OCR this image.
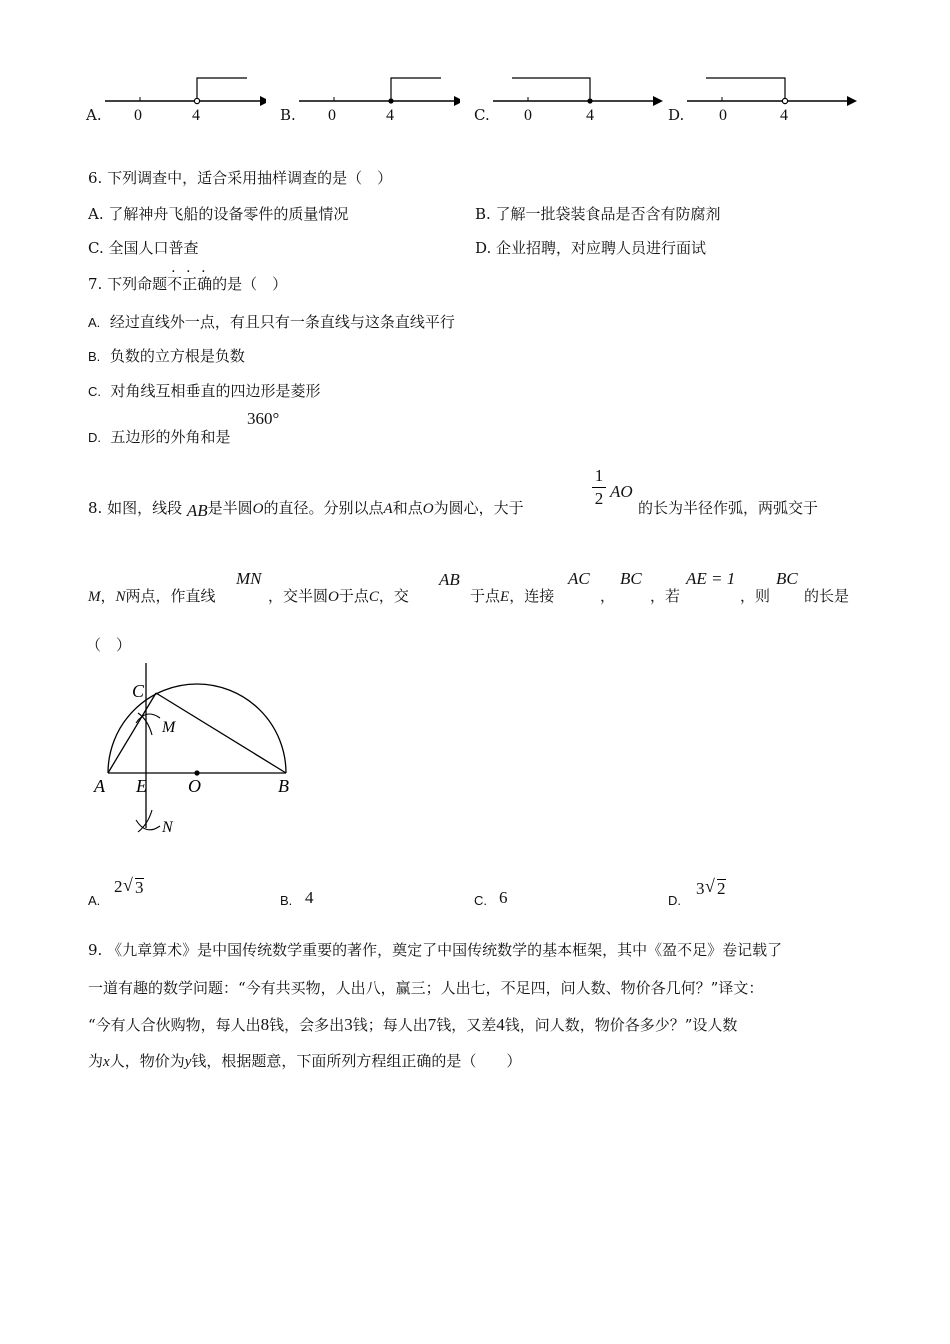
A. 0	4	B. 0	4	C. 0	4	D. 0	4
6. 下列调查中，适合采用抽样调查的是（　）
A. 了解神舟飞船的设备零件的质量情况	B. 了解一批袋装食品是否含有防腐剂
C. 全国人口普查	D. 企业招聘，对应聘人员进行面试
7. 下列命题不正确的是（　）
A. 经过直线外一点，有且只有一条直线与这条直线平行
B. 负数的立方根是负数
C. 对角线互相垂直的四边形是菱形
D. 五边形的外角和是
360°
8. 如图，线段 AB是半圆O的直径。分别以点A和点O为圆心，大于
1
2 AO
的长为半径作弧，两弧交于
M，N两点，作直线
MN
，交半圆O于点C，交
AB
于点E，连接
AC
，
BC
，若
AE = 1
，则
BC
的长是
（　）
C
M
A E O	B
N
A.
2 √ 3
B. 4	C. 6	D.
3 √ 2
9. 《九章算术》是中国传统数学重要的著作，奠定了中国传统数学的基本框架，其中《盈不足》卷记载了
一道有趣的数学问题：“今有共买物，人出八，赢三；人出七，不足四，问人数、物价各几何？”译文：
“今有人合伙购物，每人出8钱，会多出3钱；每人出7钱，又差4钱，问人数，物价各多少？”设人数
为x人，物价为y钱，根据题意，下面所列方程组正确的是（　　）
